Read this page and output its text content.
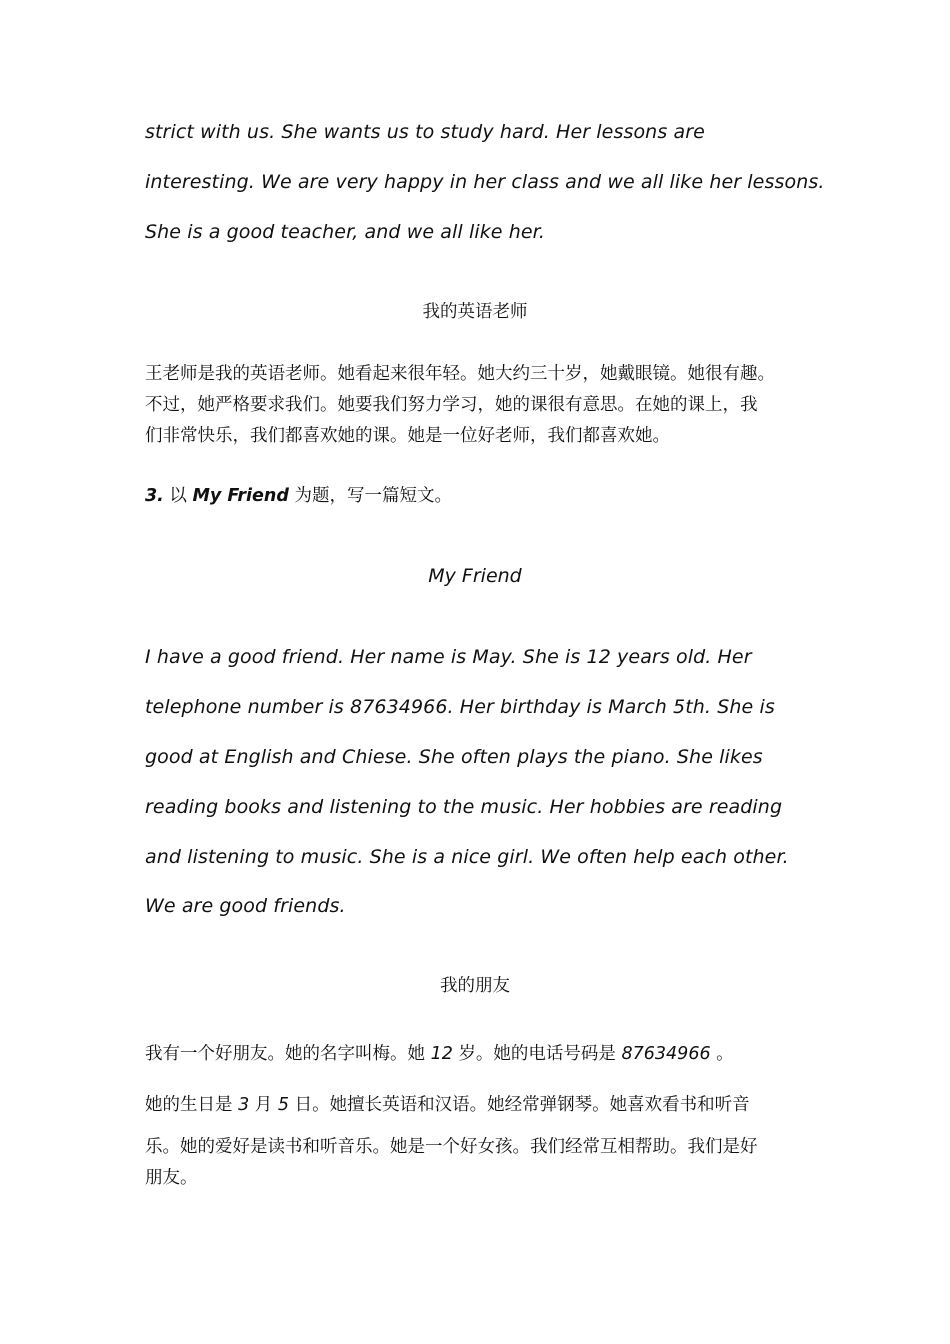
strict with us. She wants us to study hard. Her lessons are
interesting. We are very happy in her class and we all like her lessons.
She is a good teacher, and we all like her.
我的英语老师
王老师是我的英语老师。她看起来很年轻。她大约三十岁，她戴眼镜。她很有趣。
不过，她严格要求我们。她要我们努力学习，她的课很有意思。在她的课上，我
们非常快乐，我们都喜欢她的课。她是一位好老师，我们都喜欢她。
3. 以 My Friend 为题，写一篇短文。
My Friend
I have a good friend. Her name is May. She is 12 years old. Her
telephone number is 87634966. Her birthday is March 5th. She is
good at English and Chiese. She often plays the piano. She likes
reading books and listening to the music. Her hobbies are reading
and listening to music. She is a nice girl. We often help each other.
We are good friends.
我的朋友
我有一个好朋友。她的名字叫梅。她 12 岁。她的电话号码是 87634966 。
她的生日是 3 月 5 日。她擅长英语和汉语。她经常弹钢琴。她喜欢看书和听音
乐。她的爱好是读书和听音乐。她是一个好女孩。我们经常互相帮助。我们是好
朋友。
